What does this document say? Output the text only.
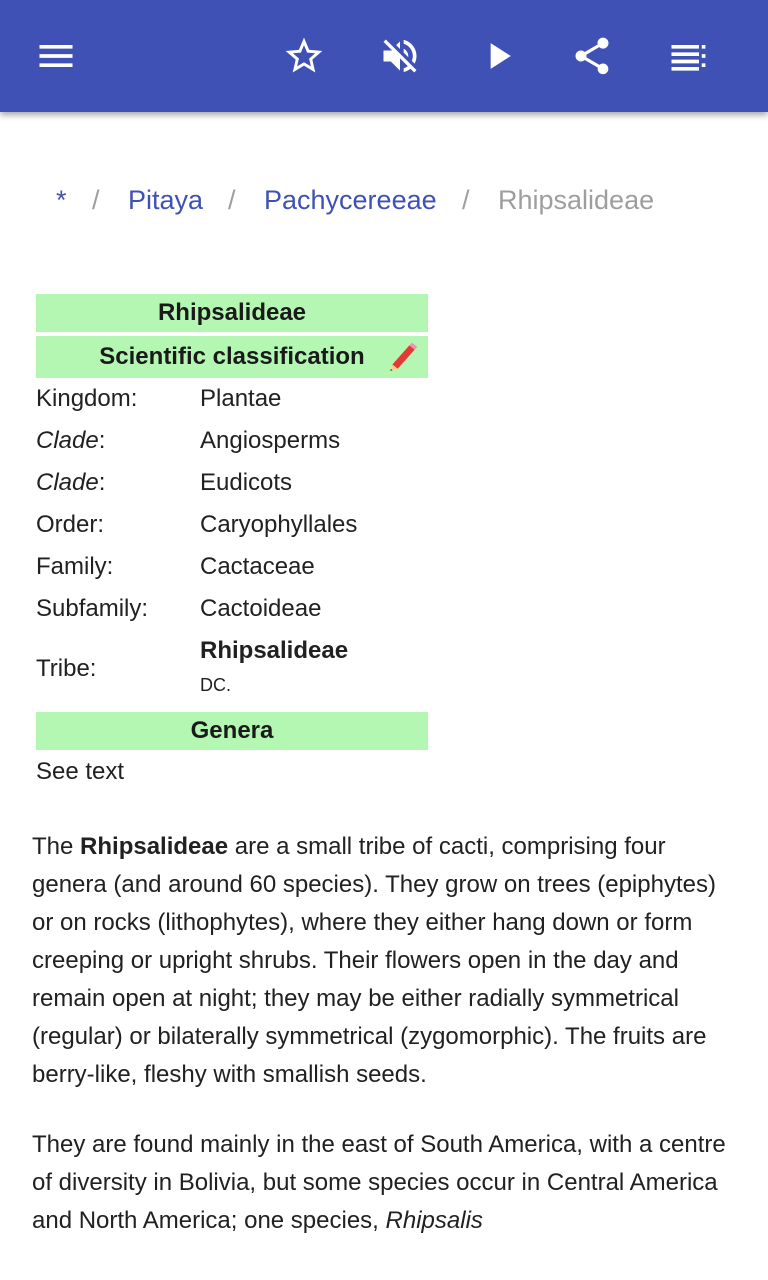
* / Pitaya / Pachycereeae / Rhipsalideae
Rhipsalideae
Scientific classification
Kingdom:	Plantae
Clade:	Angiosperms
Clade:	Eudicots
Order:	Caryophyllales
Family:	Cactaceae
Subfamily: Cactoideae
Tribe:
Rhipsalideae
DC.
Genera
See text

The Rhipsalideae are a small tribe of cacti, comprising four genera (and around 60 species). They grow on trees (epiphytes) or on rocks (lithophytes), where they either hang down or form creeping or upright shrubs. Their flowers open in the day and remain open at night; they may be either radially symmetrical (regular) or bilaterally symmetrical (zygomorphic). The fruits are berry-like, fleshy with smallish seeds.

They are found mainly in the east of South America, with a centre of diversity in Bolivia, but some species occur in Central America and North America; one species, Rhipsalis
